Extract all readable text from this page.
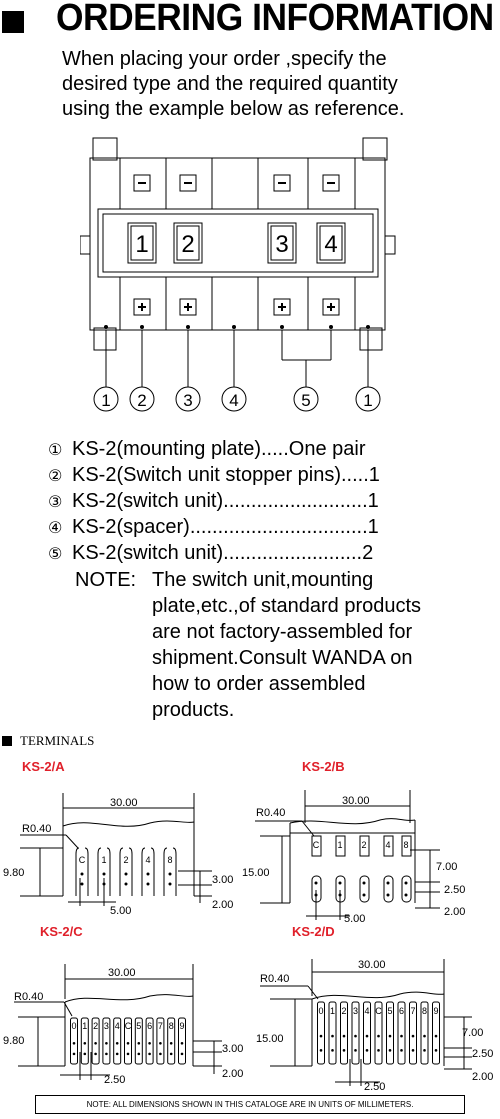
ORDERING INFORMATION
When placing your order ,specify the
desired type and the required quantity
using the example below as reference.
1 2	3 4
1 2 3 4	5	1
① KS-2(mounting plate).....One pair
② KS-2(Switch unit stopper pins).....1
③ KS-2(switch unit)..........................1
④ KS-2(spacer)................................1
⑤ KS-2(switch unit).........................2
NOTE: The switch unit,mounting
plate,etc.,of standard products
are not factory-assembled for
shipment.Consult WANDA on
how to order assembled
products.
TERMINALS
KS-2/A
C 1 2 4 8
30.00
R0.40
9.80
5.00
3.00
2.00
KS-2/B
C 1 2 4 8
30.00
R0.40
15.00
5.00
7.00
2.50
2.00
KS-2/C
0 1 2 3 4 C 5 6 7 8 9
30.00
R0.40
9.80
2.50
3.00
2.00
KS-2/D
0 1 2 3 4 C 5 6 7 8 9
30.00
R0.40
15.00
2.50
7.00
2.50
2.00
NOTE: ALL DIMENSIONS SHOWN IN THIS CATALOGE ARE IN UNITS OF MILLIMETERS.
